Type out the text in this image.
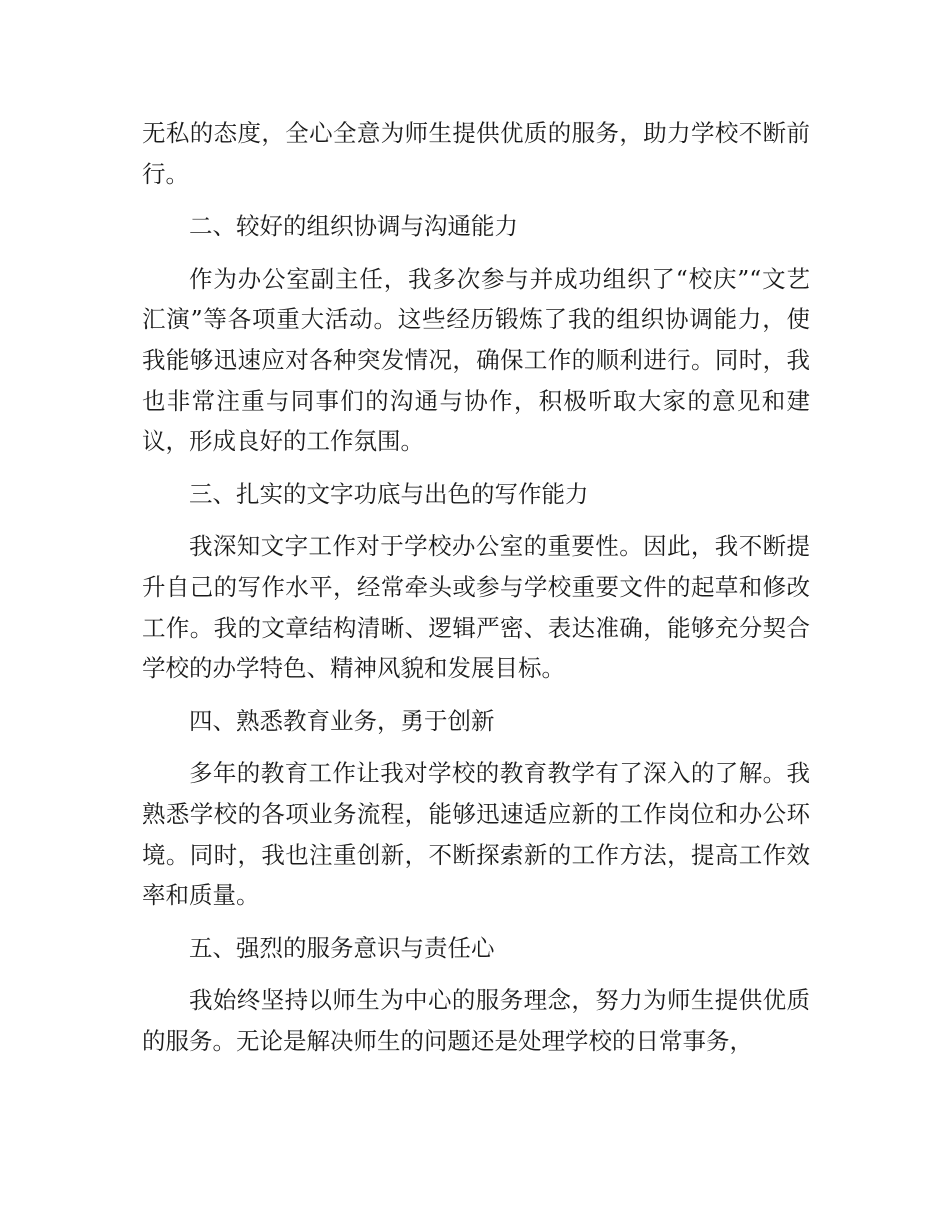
无私的态度，全心全意为师生提供优质的服务，助力学校不断前行。

二、较好的组织协调与沟通能力

作为办公室副主任，我多次参与并成功组织了“校庆”“文艺汇演”等各项重大活动。这些经历锻炼了我的组织协调能力，使我能够迅速应对各种突发情况，确保工作的顺利进行。同时，我也非常注重与同事们的沟通与协作，积极听取大家的意见和建议，形成良好的工作氛围。

三、扎实的文字功底与出色的写作能力

我深知文字工作对于学校办公室的重要性。因此，我不断提升自己的写作水平，经常牵头或参与学校重要文件的起草和修改工作。我的文章结构清晰、逻辑严密、表达准确，能够充分契合学校的办学特色、精神风貌和发展目标。

四、熟悉教育业务，勇于创新

多年的教育工作让我对学校的教育教学有了深入的了解。我熟悉学校的各项业务流程，能够迅速适应新的工作岗位和办公环境。同时，我也注重创新，不断探索新的工作方法，提高工作效率和质量。

五、强烈的服务意识与责任心

我始终坚持以师生为中心的服务理念，努力为师生提供优质的服务。无论是解决师生的问题还是处理学校的日常事务，
